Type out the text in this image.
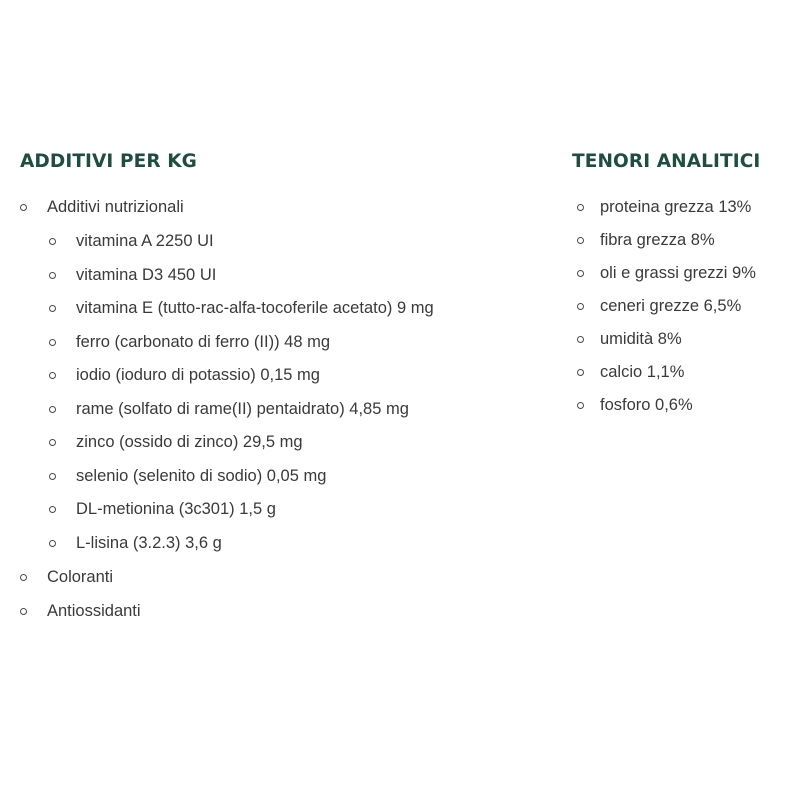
ADDITIVI PER KG
Additivi nutrizionali
vitamina A 2250 UI
vitamina D3 450 UI
vitamina E (tutto-rac-alfa-tocoferile acetato) 9 mg
ferro (carbonato di ferro (II)) 48 mg
iodio (ioduro di potassio) 0,15 mg
rame (solfato di rame(II) pentaidrato) 4,85 mg
zinco (ossido di zinco) 29,5 mg
selenio (selenito di sodio) 0,05 mg
DL-metionina (3c301) 1,5 g
L-lisina (3.2.3) 3,6 g
Coloranti
Antiossidanti
TENORI ANALITICI
proteina grezza 13%
fibra grezza 8%
oli e grassi grezzi 9%
ceneri grezze 6,5%
umidità 8%
calcio 1,1%
fosforo 0,6%
